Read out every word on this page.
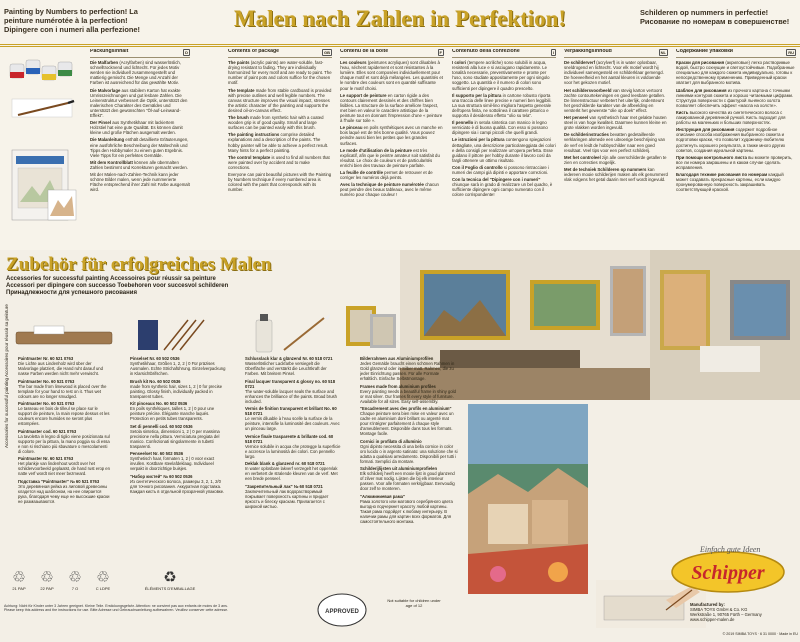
Painting by Numbers to perfection! La peinture numérotée à la perfection! Dipingere con i numeri alla perfezione!	Malen nach Zahlen in Perfektion!	Schilderen op nummers in perfectie! Рисование по номерам в совершенстве!
Packungsinhalt	D

Die Malfarben (Acrylfarben) sind wasserlöslich, schnelltrocknend und lichtecht. Für jedes Motiv werden sie individuell zusammengestellt und mattierig gemischt. Die Menge und Anzahl der Farben ist ausreichend für das gewählte Motiv.

Die Malvorlage aus stabilem Karton hat exakte Umrisszeichnungen und gut lesbare Zahlen. Die Leinenstruktur verbessert die Optik, unterstützt den malerischen Charakter des Gemäldes und unterstützt den gewünschten "Öl-auf-Leinwand-Effekt".

Der Pinsel aus Synthetikhaar mit lackiertem Holzstiel hat eine gute Qualität. Es können damit kleine und große Flächen ausgemalt werden.

Die Malanleitung enthält detaillierte Erläuterungen, eine ausführliche Beschreibung der Maltechnik und Tipps den Hobbymaler zu einem guten Ergebnis. Viele Tipps für ein perfektes Gemälde.

Mit dem Kontrollblatt können alle übermalten Zahlen bestimmt und Korrekturen gemacht werden.

Mit der Malen-nach-Zahlen-Technik kann jeder schöne Bilder malen, wenn jede nummerierte Fläche entsprechend ihrer Zahl mit Farbe ausgemalt wird.

Contents of package	GB

The paints (acrylic paints) are water-soluble, fast-drying resistant to fading. They are individually harmonized for every motif and are ready to paint. The number of paint pots and colors suffice for the chosen motif.

The template made from stable cardboard is provided with precise outlines and well legible numbers. The canvas structure improves the visual impact, stresses the artistic character of the painting and supports the desired oil-on-canvas effect.

The brush made from synthetic hair with a coated wooden grip is of good quality. Small and large surfaces can be painted easily with this brush.

The painting instructions comprise detailed explanations and a description of the paints. The hobby painter will be able to achieve a perfect result. Many hints for a perfect painting.

The control template is used to find all numbers that were painted over by accident and to make corrections.

Everyone can paint beautiful pictures with the Painting by Numbers technique if every numbered area is colored with the paint that corresponds with its number.

Contenu de la boîte	F

Les couleurs (peintures acryliques) sont diluables à l'eau, séchent rapidement et sont résistantes à la lumière. Elles sont composées individuellement pour chaque motif et sont déjà mélangées. Les quantités et le nombre des couleurs sont en quantité suffisante pour le motif choisi.

Le support de peinture en carton rigide a des contours clairement dessinés et des chiffres bien lisibles. La structure de la surface améliore l'aspect, met bien en valeur le caractère artistique de la peinture tout en donnant l'impression d'une « peinture à l'huile sur toile ».

Le pinceau en poils synthétiques avec un manche en bois laqué est de très bonne qualité. Vous pouvez peindre aussi bien les petites que les grandes surfaces.

Le mode d'utilisation de la peinture est très explicatif, afin que le peintre amateur soit satisfait du résultat. Le choix de couleurs et de particularités enrichi bien des travaux de peinture parfaite.

La feuille de contrôle permet de retrouver et de corriger les numéros déjà peints.

Avec la technique de peinture numérotée chacun peut peindre des beaux tableaux, avec le même numéro pour chaque couleur !

Contenuto della confezione	I

I colori (tempere acriliche) sono solubili in acqua, resistenti alla luce e si asciugano rapidamente. Le tonalità necessarie, preventivamente e pronte per l'uso, sono studiate appositamente per ogni singolo soggetto. La quantità e il numero di colori sono sufficienti per dipingere il quadro prescelto.

Il supporto per la pittura in cartone robusto riporta una traccia delle linee precise e numeri ben leggibili. La sua struttura simil-lino migliora l'aspetto generale dell'opera finita, ne sottolinea il carattere pittorico e supporta il desiderato effetto "olio su tela".

Il pennello in setola sintetica con manico in legno verniciato è di buona qualità. Con esso si possono dipingere sia i campi piccoli che quelli grandi.

Le istruzioni per la pittura contengono spiegazioni dettagliate, una descrizione particolareggiata dei colori e della consigli per realizzare un'opera perfetta. Esse guidano il pittore per hobby durante il lavoro così da fargli ottenere un ottimo risultato.

Con il Foglio di controllo si possono rintracciare i numeri dei campi già dipinti e apportare correzioni.

Con la tecnica del "Dipingere con i numeri" chiunque sarà in grado di realizzare un bel quadro, è sufficiente dipingere ogni campo numerato con il colore corrispondente!

Verpakkingsinhoud	NL

De schilderverf (acrylverf) is in water oplosbaar, sneldrogend en lichtecht. Voor elk motief wordt hij individueel samengesteld en schilderklaar gemengd. De hoeveelheid en het aantal kleuren is voldoende voor het gekozen motief.

Het schildersvoorbeeld van stevig karton vertoont zachte contourtekeningen en goed leesbare getallen. De linnenstructuur verbetert het uiterlijk, ondersteunt het geschilderde karakter van de afbeelding en versterkt het gewenste "olie op doek" effect.

Het penseel van synthetisch haar met gelakte houten steel is van hoge kwaliteit. Daarmee kunnen kleine en grote vlakken worden ingevuld.

De schilderinstructies bevatten gedetailleerde verklaringen alsmede een uitvoerige beschrijving van de verf en leidt de hobbyschilder naar een goed resultaat. Veel tips voor een perfect schilderij.

Met het controleel zijn alle overschilderde getallen te zien en correcties mogelijk.

Met de techniek Schilderen op nummers kan iedereen mooie schilderijen maken als elk genummerd vlak volgens het getal daarin met verf wordt ingevuld.

Содержание упаковки	RU

Краски для рисования (акриловые) легко растворимые водой, быстро сохнущие и светоустойчивые. Подобранные специально для каждого сюжета индивидуально, готовы к непосредственному применению. Приведенный краски хватает для выбранного мотива.

Шаблон для рисования из прочного картона с точными линиями контуров сюжета и хорошо читаемыми цифрами. Структура поверхности с фактурой льняного холста позволяет обеспечить эффект «масла на холсте».

Кисть высокого качества из синтетического волоса с лакированной деревянной ручкой. Кисть подходит для работы на маленьких и больших поверхностях.

Инструкция для рисования содержит подробное описание способа изображения выбранного сюжета и подготовки краски, что позволит художнику-любителю достигнуть хорошего результата, а также много других советов, создания идеальной картины.

При помощи контрольного листа вы можете проверить, все ли номера закрашены и в каком случае сделать исправления.

Благодаря технике рисования по номерам каждый может создавать прекрасные картины, если каждую пронумерованную поверхность закрашивать соответствующей краской.

Zubehör für erfolgreiches Malen
Accessories for successful painting Accessoires pour réussir sa peinture
Accessori per dipingere con successo Toebehoren voor succesvol schilderen
Принадлежности для успешного рисования
Accessories for successful painting Accessoires pour réussir sa peinture Paintmaster Nr. 60 521 0763
Die Lichte aus Lindenholz wird über der Malvorlage platziert, die Hand ruht darauf und nasse Farben werden nicht mehr verwischt.

Paintmaster No. 60 521 0763
The bar made from limewood is placed over the template for your hand to rest on it. Thus wet colours are no longer smudged.

Paintmaster No. 60 521 0763
Le tasseau en bois de tilleul se place sur le support de peinture, la main repose dessus et les couleurs encore humides ne seront plus estompées.

Paintmaster cod. 60 521 0763
La tavoletta in legno di tiglio viene posizionata sul supporto per la pittura, la mano poggia su di essa e non si rischiano più sbavature o mescolamenti di colore.

Paintmaster Nr. 60 521 0763
Het plankje van lindenhout wordt over het schildervoorbeeld geplaatst, de hand rust erop en natte verf wordt niet meer bezmeard.

Подставка "Paintmaster" № 60 521 0763
Это деревянная рейка из липовой древесины кладется над шаблоном, на нее опирается рука, благодаря чему еще не высохшие краски не размазываются.

Pinselset Nr. 60 502 0536
Synthetikhaar, Größen 1, 2, 2 | 0 Für präzises Ausmalen. Echte Strichaführung. Einzelverpackung in Klarsichtbrifschen.

Brush kit No. 60 502 0536
made from synthetic hair, sizes 1, 2 | 0 for precise painting. Glossy finish, individually packed in transparent tubes.

Kit pinceaux No. 60 502 0536
En poils synthétiques, tailles 1, 2 | 0 pour une peinture précise. Élégante manche laqués. Protection en petits tubes transparents.

Set di pennelli cod. 60 502 0536
Setola sintetica, dimensioni 1, 2 | 0 per massima precisione nella pittura. Verniciatura pregiata del manico. Confezionati singolarmente in tubetti trasparenti.

Penseelset Nr. 60 502 0536
Synthetisch haar, formaten 1, 2 | 0 voor exact invullen. Kostbare steelafdeklaag. Individueel verpakt in doorzichtige buisjes.

"Набор кистей" № 60 502 0536
Из синтетического волоса, размеры 3, 2, 1, 2/0 для точного рисования. Аккуратная подставка. Каждая кисть в отдельной прозрачной упаковке.

Schlusslack klar & glänzend Nr. 60 518 0721
Wasserlöslicher Lackfarbe versiegelt die Oberfläche und verstärkt die Leuchtkraft der Farben. Mit breitem Pinsel.

Final lacquer transparent & glossy no. 60 518 0721
The water-soluble lacquer seals the surface and enhances the brilliance of the paints. Broad brush included.

Vernis de finition transparent et brillant No. 60 518 0721
Le vernis diluable à l'eau scelle la surface de la peinture, intensifie la luminosité des couleurs. Avec un pinceau large.

Vernice finale trasparente & brillante cod. 60 518 0721
Vernice solubile in acqua che protegge la superficie e accresce la luminosità dei colori. Con pennello largo.

Deklak blank & glanzend nr. 60 518 0721
In water oplosbare lakverf verzegelt het oppervlak en verbetert de stralende kleuren van de verf. Met een brede penseel.

"Закрепительный лак" № 60 518 0721
Заключительный лак водорастворимый покрывает поверхность картины и придает яркость и блеску краскам. Прилагается с широкой кистью.

Bilderrahmen aus Aluminiumprofilen
Jedes Gemälde braucht einen schönen Rahmen in Gold glänzend oder in Silber matt. Rahmen, die zu jeder Einrichtung passen. Für alle Formate erhältlich. Einfache Selbstmontage.

Frames made from aluminium profiles
Every painting needs a beautiful frame in shiny gold or mat silver. Our frames fit every style of furniture. Available for all sizes. Easy self-assembly.

"Encadrement avec des profils en aluminium"
Chaque peinture sera bien mise en valeur avec un cadre en aluminium doré brillant ou argenté mat pour s'intégrer parfaitement à chaque style d'ameublement. Disponible dans tous les formats. Montage facile.

Cornici in profilato di alluminio
Ogni dipinto necessita di una bella cornice in color oro lucido o in argento satinato: una soluzione che si adatta a qualsiasi arredamento. Disponibili per tutti i formati. Semplici da montare.

Schilderijlijsten uit aluminiumprofielen
Elk schilderij heeft een mooie lijst in goud glanzend of zilver mat nodig. Lijsten die bij elk interieur passen. Voor alle formaten verkrijgbaar. Eenvoudig door zelf te monteren.

"Алюминиевая рама"
Рама золотого или матового серебряного цвета выгодно подчеркнет красоту любой картины. Такая рама подойдет к любому интерьеру. В наличии рамы для картин всех форматов. Для самостоятельного монтажа.

Schipper
Einfach gute Ideen
Manufactured by:
SIMBA TOYS GmbH & Co. KG
Werkstraße 1, 90765 Fürth – Germany
www.schipper-malen.de
© 2019 SIMBA TOYS · 6 31 0000 · Made in EU
♲
21 PAP
♲
22 PAP
♲
7 O
♲
C LDPE
♻
ÉLÉMENTS D'EMBALLAGE
Achtung: Nicht für Kinder unter 3 Jahren geeignet. Kleine Teile. Erstickungsgefahr. Attention: ne convient pas aux enfants de moins de 3 ans.
Please keep this address and the instructions for use. Bitte Adresse und Gebrauchsanleitung aufbewahren. Veuillez conserver cette adresse.	APPROVED
Not suitable for children under age of 12
